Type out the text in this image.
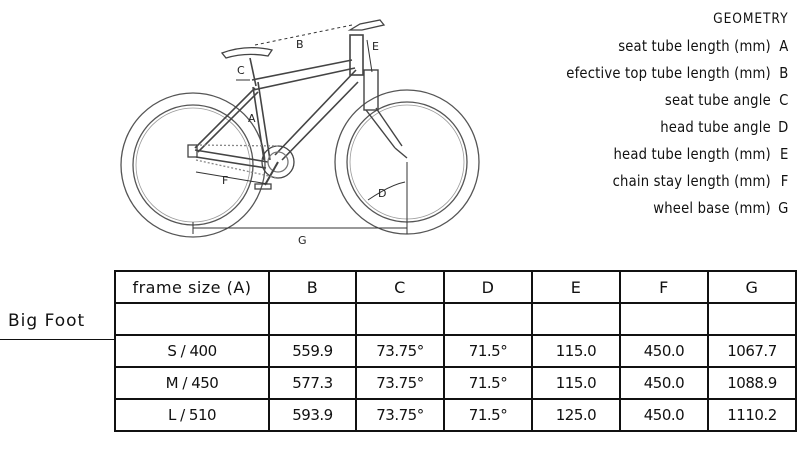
A
B
C
D
E
F
G
GEOMETRY
seat tube length (mm) A
efective top tube length (mm) B
seat tube angle C
head tube angle D
head tube length (mm) E
chain stay length (mm) F
wheel base (mm) G
Big Foot
frame size (A)	B	C	D	E	F	G

S / 400	559.9	73.75°	71.5°	115.0	450.0	1067.7
M / 450	577.3	73.75°	71.5°	115.0	450.0	1088.9
L / 510	593.9	73.75°	71.5°	125.0	450.0	1110.2
